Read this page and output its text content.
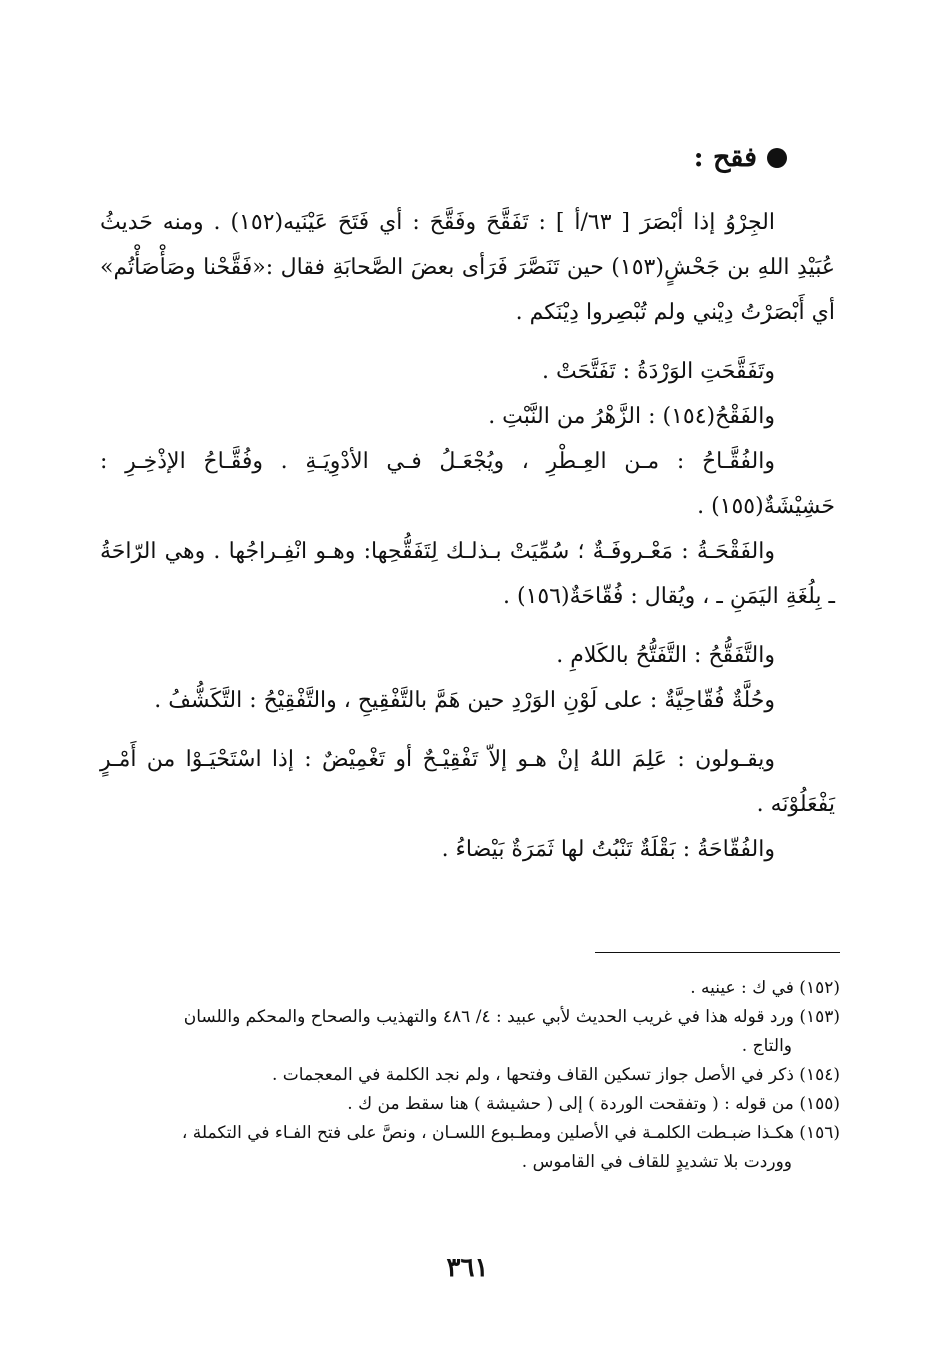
فقح :

الجِرْوُ إذا أبْصَرَ [ ٦٣/أ ] : تَفَقَّحَ وفَقَّحَ : أي فَتَحَ عَيْنَيه(١٥٢) . ومنه حَديثُ عُبَيْدِ اللهِ بن جَحْشٍ(١٥٣) حين تَنَصَّرَ فَرَأى بعضَ الصَّحابَةِ فقال :«فَقَّحْنا وصَأْصَأْتُم» أي أَبْصَرْتُ دِيْني ولم تُبْصِروا دِيْنَكم .

وتَفَقَّحَتِ الوَرْدَةُ : تَفَتَّحَتْ .

والفَقْحُ(١٥٤) : الزَّهْرُ من النَّبْتِ .

والفُقَّـاحُ : مـن العِـطْرِ ، ويُجْعَـلُ فـي الأدْوِيَـةِ . وفُقَّـاحُ الإذْخِـرِ : حَشِيْشَةٌ(١٥٥) .

والفَقْحَـةُ : مَعْـروفَـةٌ ؛ سُمِّيَتْ بـذلـك لِتَفَقُّحِها: وهـو انْفِـراجُها . وهي الرّاحَةُ ـ بِلُغَةِ اليَمَنِ ـ ، ويُقال : فُقّاحَةٌ(١٥٦) .

والتَّفَقُّحُ : التَّفَتُّحُ بالكَلامِ .

وحُلَّةٌ فُقّاحِيَّةٌ : على لَوْنِ الوَرْدِ حين هَمَّ بالتَّفْقِيحِ ، والتَّفْقِيْحُ : التَّكَشُّفُ .

ويقـولون : عَلِمَ اللهُ إنْ هـو إلاّ تَفْقِيْـحٌ أو تَغْمِيْضٌ : إذا اسْتَحْيَـوْا من أَمْـرٍ يَفْعَلُوْنَه .

والفُقّاحَةُ : بَقْلَةٌ تَنْبُتُ لها ثَمَرَةٌ بَيْضاءُ .

(١٥٢) في ك : عينيه .

(١٥٣) ورد قوله هذا في غريب الحديث لأبي عبيد : ٤/ ٤٨٦ والتهذيب والصحاح والمحكم واللسان

والتاج .

(١٥٤) ذكر في الأصل جواز تسكين القاف وفتحها ، ولم نجد الكلمة في المعجمات .

(١٥٥) من قوله : ( وتفقحت الوردة ) إلى ( حشيشة ) هنا سقط من ك .

(١٥٦) هكـذا ضبـطت الكلمـة في الأصلين ومطـبوع اللسـان ، ونصَّ على فتح الفـاء في التكملة ،

ووردت بلا تشديدٍ للقاف في القاموس .

٣٦١
